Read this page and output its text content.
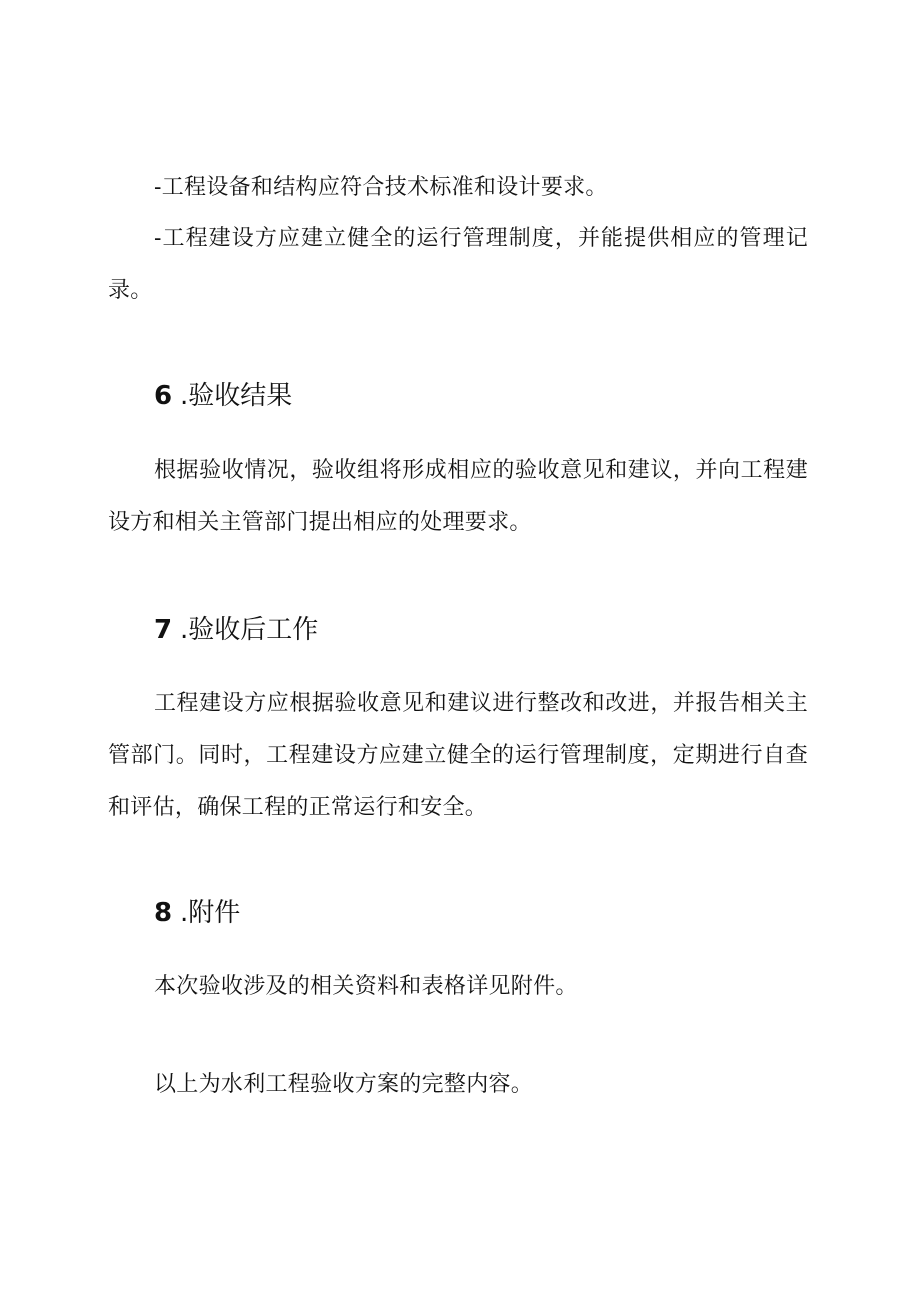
-工程设备和结构应符合技术标准和设计要求。

-工程建设方应建立健全的运行管理制度，并能提供相应的管理记录。

6 .验收结果

根据验收情况，验收组将形成相应的验收意见和建议，并向工程建设方和相关主管部门提出相应的处理要求。

7 .验收后工作

工程建设方应根据验收意见和建议进行整改和改进，并报告相关主管部门。同时，工程建设方应建立健全的运行管理制度，定期进行自查和评估，确保工程的正常运行和安全。

8 .附件

本次验收涉及的相关资料和表格详见附件。

以上为水利工程验收方案的完整内容。
